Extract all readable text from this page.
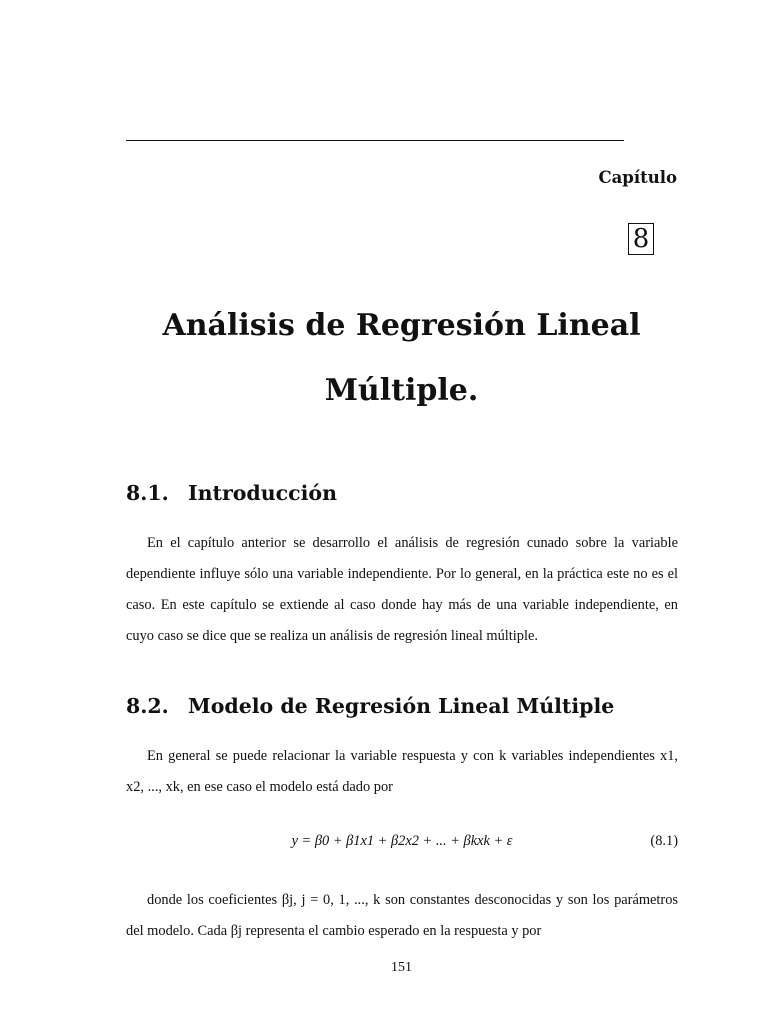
Capítulo
8
Análisis de Regresión Lineal
Múltiple.
8.1. Introducción
En el capítulo anterior se desarrollo el análisis de regresión cunado sobre la variable dependiente influye sólo una variable independiente. Por lo general, en la práctica este no es el caso. En este capítulo se extiende al caso donde hay más de una variable independiente, en cuyo caso se dice que se realiza un análisis de regresión lineal múltiple.
8.2. Modelo de Regresión Lineal Múltiple
En general se puede relacionar la variable respuesta y con k variables independientes x1, x2, ..., xk, en ese caso el modelo está dado por
y = β0 + β1x1 + β2x2 + ... + βkxk + ε	(8.1)
donde los coeficientes βj, j = 0, 1, ..., k son constantes desconocidas y son los parámetros del modelo. Cada βj representa el cambio esperado en la respuesta y por
151
